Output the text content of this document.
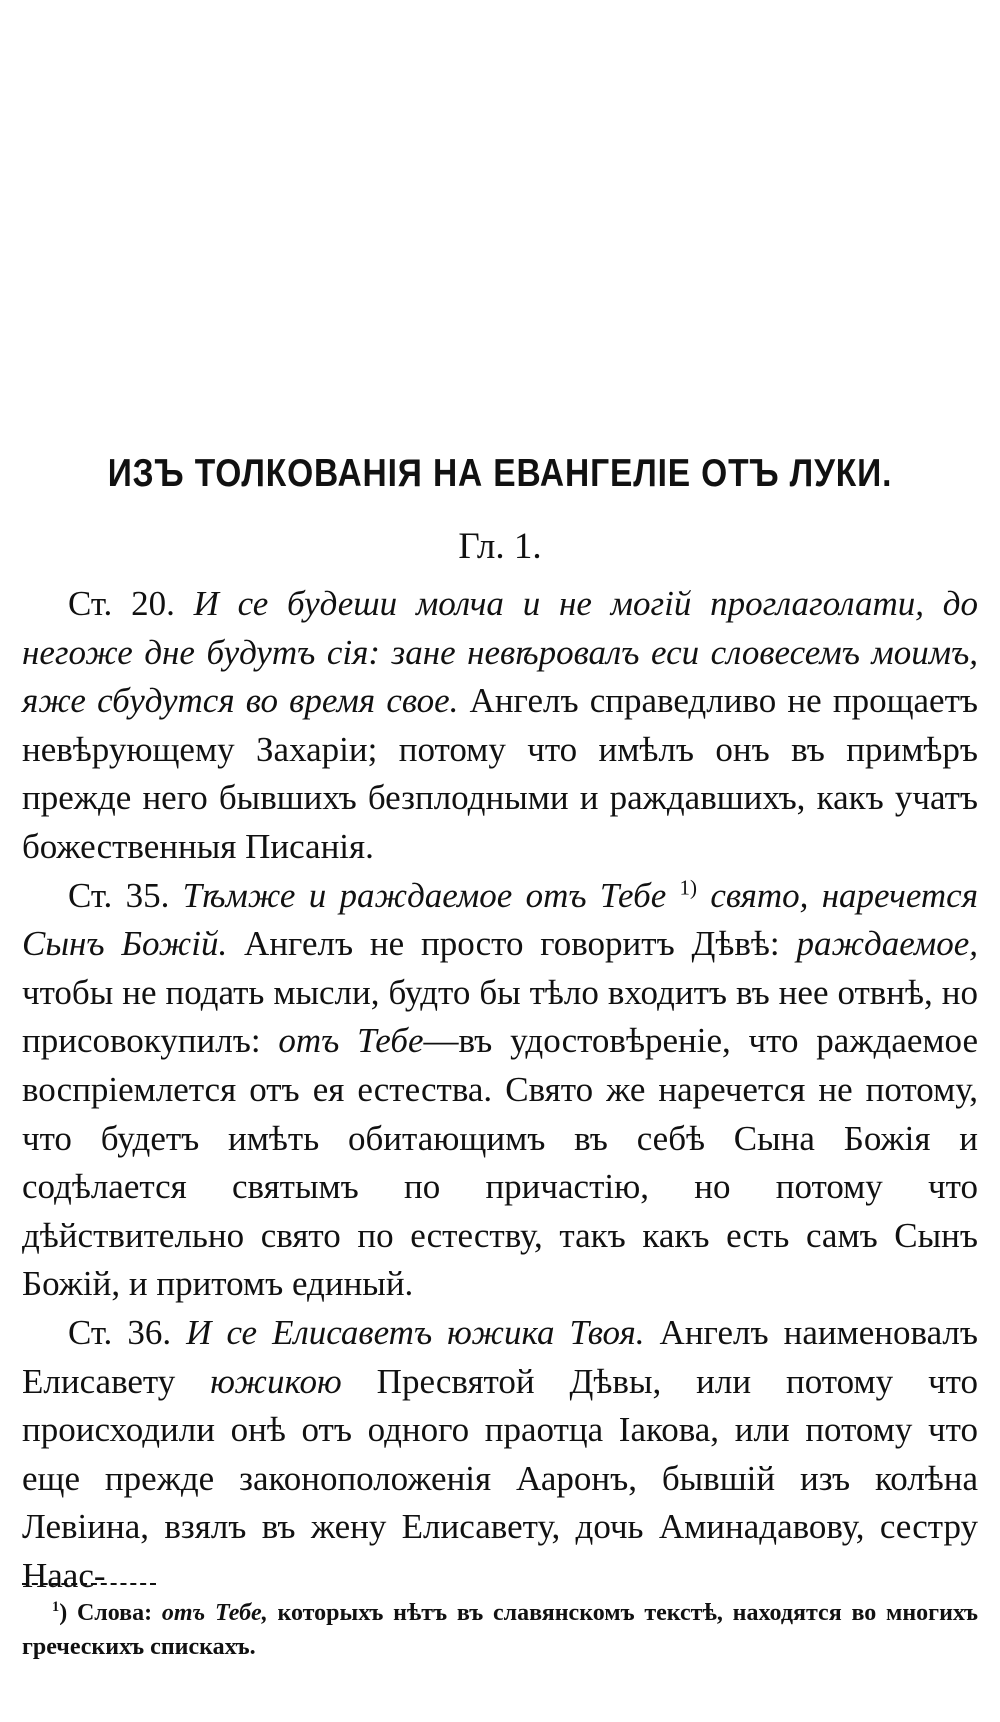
ИЗЪ ТОЛКОВАНІЯ НА ЕВАНГЕЛІЕ ОТЪ ЛУКИ.
Гл. 1.

Ст. 20. И се будеши молча и не могій проглаголати, до негоже дне будутъ сія: зане невѣровалъ еси словесемъ моимъ, яже сбудутся во время свое. Ангелъ справедливо не прощаетъ невѣрующему Захаріи; потому что имѣлъ онъ въ примѣръ прежде него бывшихъ безплодными и раждавшихъ, какъ учатъ божественныя Писанія.

Ст. 35. Тѣмже и раждаемое отъ Тебе $^{1)}$ свято, наречется Сынъ Божій. Ангелъ не просто говоритъ Дѣвѣ: раждаемое, чтобы не подать мысли, будто бы тѣло входитъ въ нее отвнѣ, но присовокупилъ: отъ Тебе—въ удостовѣреніе, что раждаемое воспріемлется отъ ея естества. Свято же наречется не потому, что будетъ имѣть обитающимъ въ себѣ Сына Божія и содѣлается святымъ по причастію, но потому что дѣйствительно свято по естеству, такъ какъ есть самъ Сынъ Божій, и притомъ единый.

Ст. 36. И се Елисаветъ южика Твоя. Ангелъ наименовалъ Елисавету южикою Пресвятой Дѣвы, или потому что происходили онѣ отъ одного праотца Іакова, или потому что еще прежде законоположенія Ааронъ, бывшій изъ колѣна Левіина, взялъ въ жену Елисавету, дочь Аминадавову, сестру Наас-

$^1$) Слова: отъ Тебе, которыхъ нѣтъ въ славянскомъ текстѣ, находятся во многихъ греческихъ спискахъ.
